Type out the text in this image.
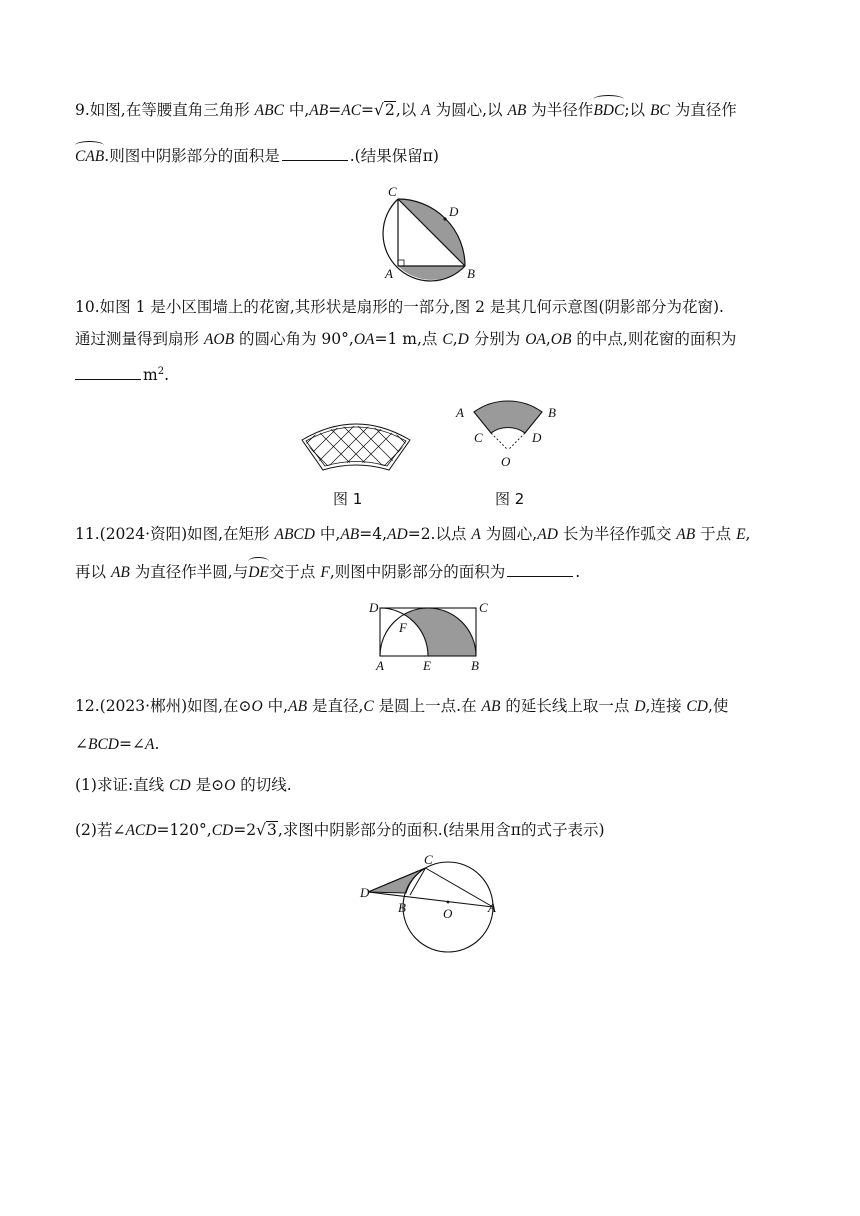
9.如图,在等腰直角三角形 ABC 中,AB=AC=√2,以 A 为圆心,以 AB 为半径作BDC;以 BC 为直径作
CAB.则图中阴影部分的面积是	.(结果保留π)
C
D
A	B
10.如图 1 是小区围墙上的花窗,其形状是扇形的一部分,图 2 是其几何示意图(阴影部分为花窗).
通过测量得到扇形 AOB 的圆心角为 90°,OA=1 m,点 C,D 分别为 OA,OB 的中点,则花窗的面积为
$m^2$.
A	B
C	D
O
图 1	图 2
11.(2024·资阳)如图,在矩形 ABCD 中,AB=4,AD=2.以点 A 为圆心,AD 长为半径作弧交 AB 于点 E,
再以 AB 为直径作半圆,与DE交于点 F,则图中阴影部分的面积为	.
D	C
F
A	E	B
12.(2023·郴州)如图,在⊙O 中,AB 是直径,C 是圆上一点.在 AB 的延长线上取一点 D,连接 CD,使
∠BCD=∠A.
(1)求证:直线 CD 是⊙O 的切线.
(2)若∠ACD=120°,CD=2√3,求图中阴影部分的面积.(结果用含π的式子表示)
C
D
B	O	A
